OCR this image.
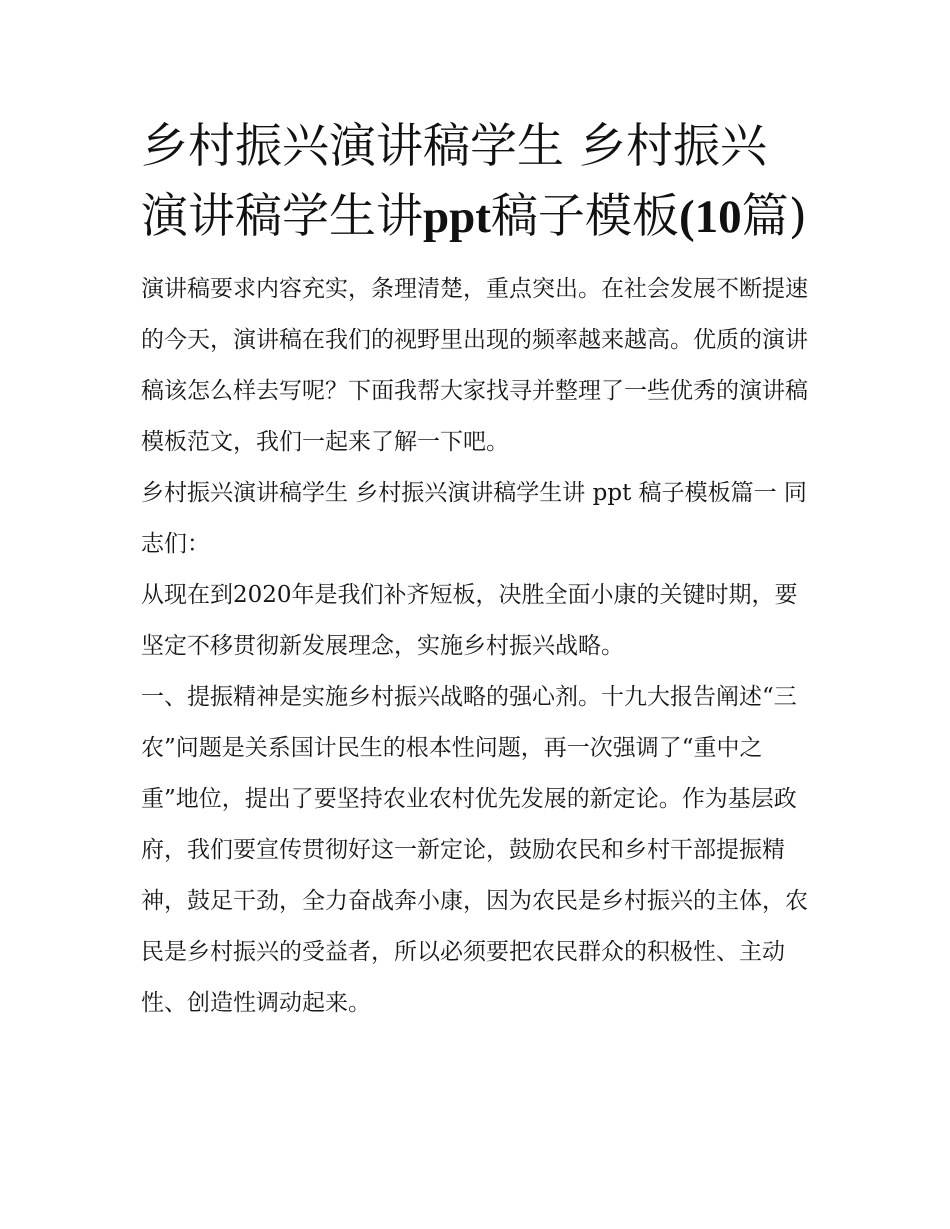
乡村振兴演讲稿学生 乡村振兴演讲稿学生讲ppt稿子模板(10篇)

演讲稿要求内容充实，条理清楚，重点突出。在社会发展不断提速的今天，演讲稿在我们的视野里出现的频率越来越高。优质的演讲稿该怎么样去写呢？下面我帮大家找寻并整理了一些优秀的演讲稿模板范文，我们一起来了解一下吧。

乡村振兴演讲稿学生 乡村振兴演讲稿学生讲 ppt 稿子模板篇一 同志们：

从现在到2020年是我们补齐短板，决胜全面小康的关键时期，要坚定不移贯彻新发展理念，实施乡村振兴战略。

一、提振精神是实施乡村振兴战略的强心剂。十九大报告阐述“三农”问题是关系国计民生的根本性问题，再一次强调了“重中之重”地位，提出了要坚持农业农村优先发展的新定论。作为基层政府，我们要宣传贯彻好这一新定论，鼓励农民和乡村干部提振精神，鼓足干劲，全力奋战奔小康，因为农民是乡村振兴的主体，农民是乡村振兴的受益者，所以必须要把农民群众的积极性、主动性、创造性调动起来。
